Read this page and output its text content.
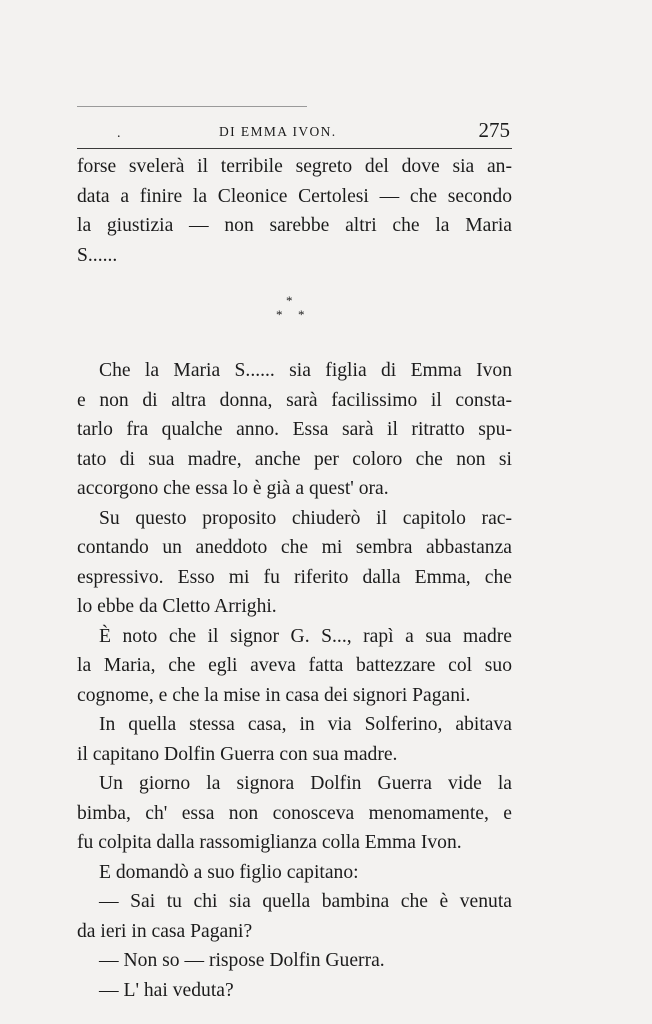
.	DI EMMA IVON.	275
forse svelerà il terribile segreto del dove sia an-
data a finire la Cleonice Certolesi — che secondo
la giustizia — non sarebbe altri che la Maria
S......
*
* *
Che la Maria S...... sia figlia di Emma Ivon
e non di altra donna, sarà facilissimo il consta-
tarlo fra qualche anno. Essa sarà il ritratto spu-
tato di sua madre, anche per coloro che non si
accorgono che essa lo è già a quest' ora.
Su questo proposito chiuderò il capitolo rac-
contando un aneddoto che mi sembra abbastanza
espressivo. Esso mi fu riferito dalla Emma, che
lo ebbe da Cletto Arrighi.
È noto che il signor G. S..., rapì a sua madre
la Maria, che egli aveva fatta battezzare col suo
cognome, e che la mise in casa dei signori Pagani.
In quella stessa casa, in via Solferino, abitava
il capitano Dolfin Guerra con sua madre.
Un giorno la signora Dolfin Guerra vide la
bimba, ch' essa non conosceva menomamente, e
fu colpita dalla rassomiglianza colla Emma Ivon.
E domandò a suo figlio capitano:
— Sai tu chi sia quella bambina che è venuta
da ieri in casa Pagani?
— Non so — rispose Dolfin Guerra.
— L' hai veduta?
